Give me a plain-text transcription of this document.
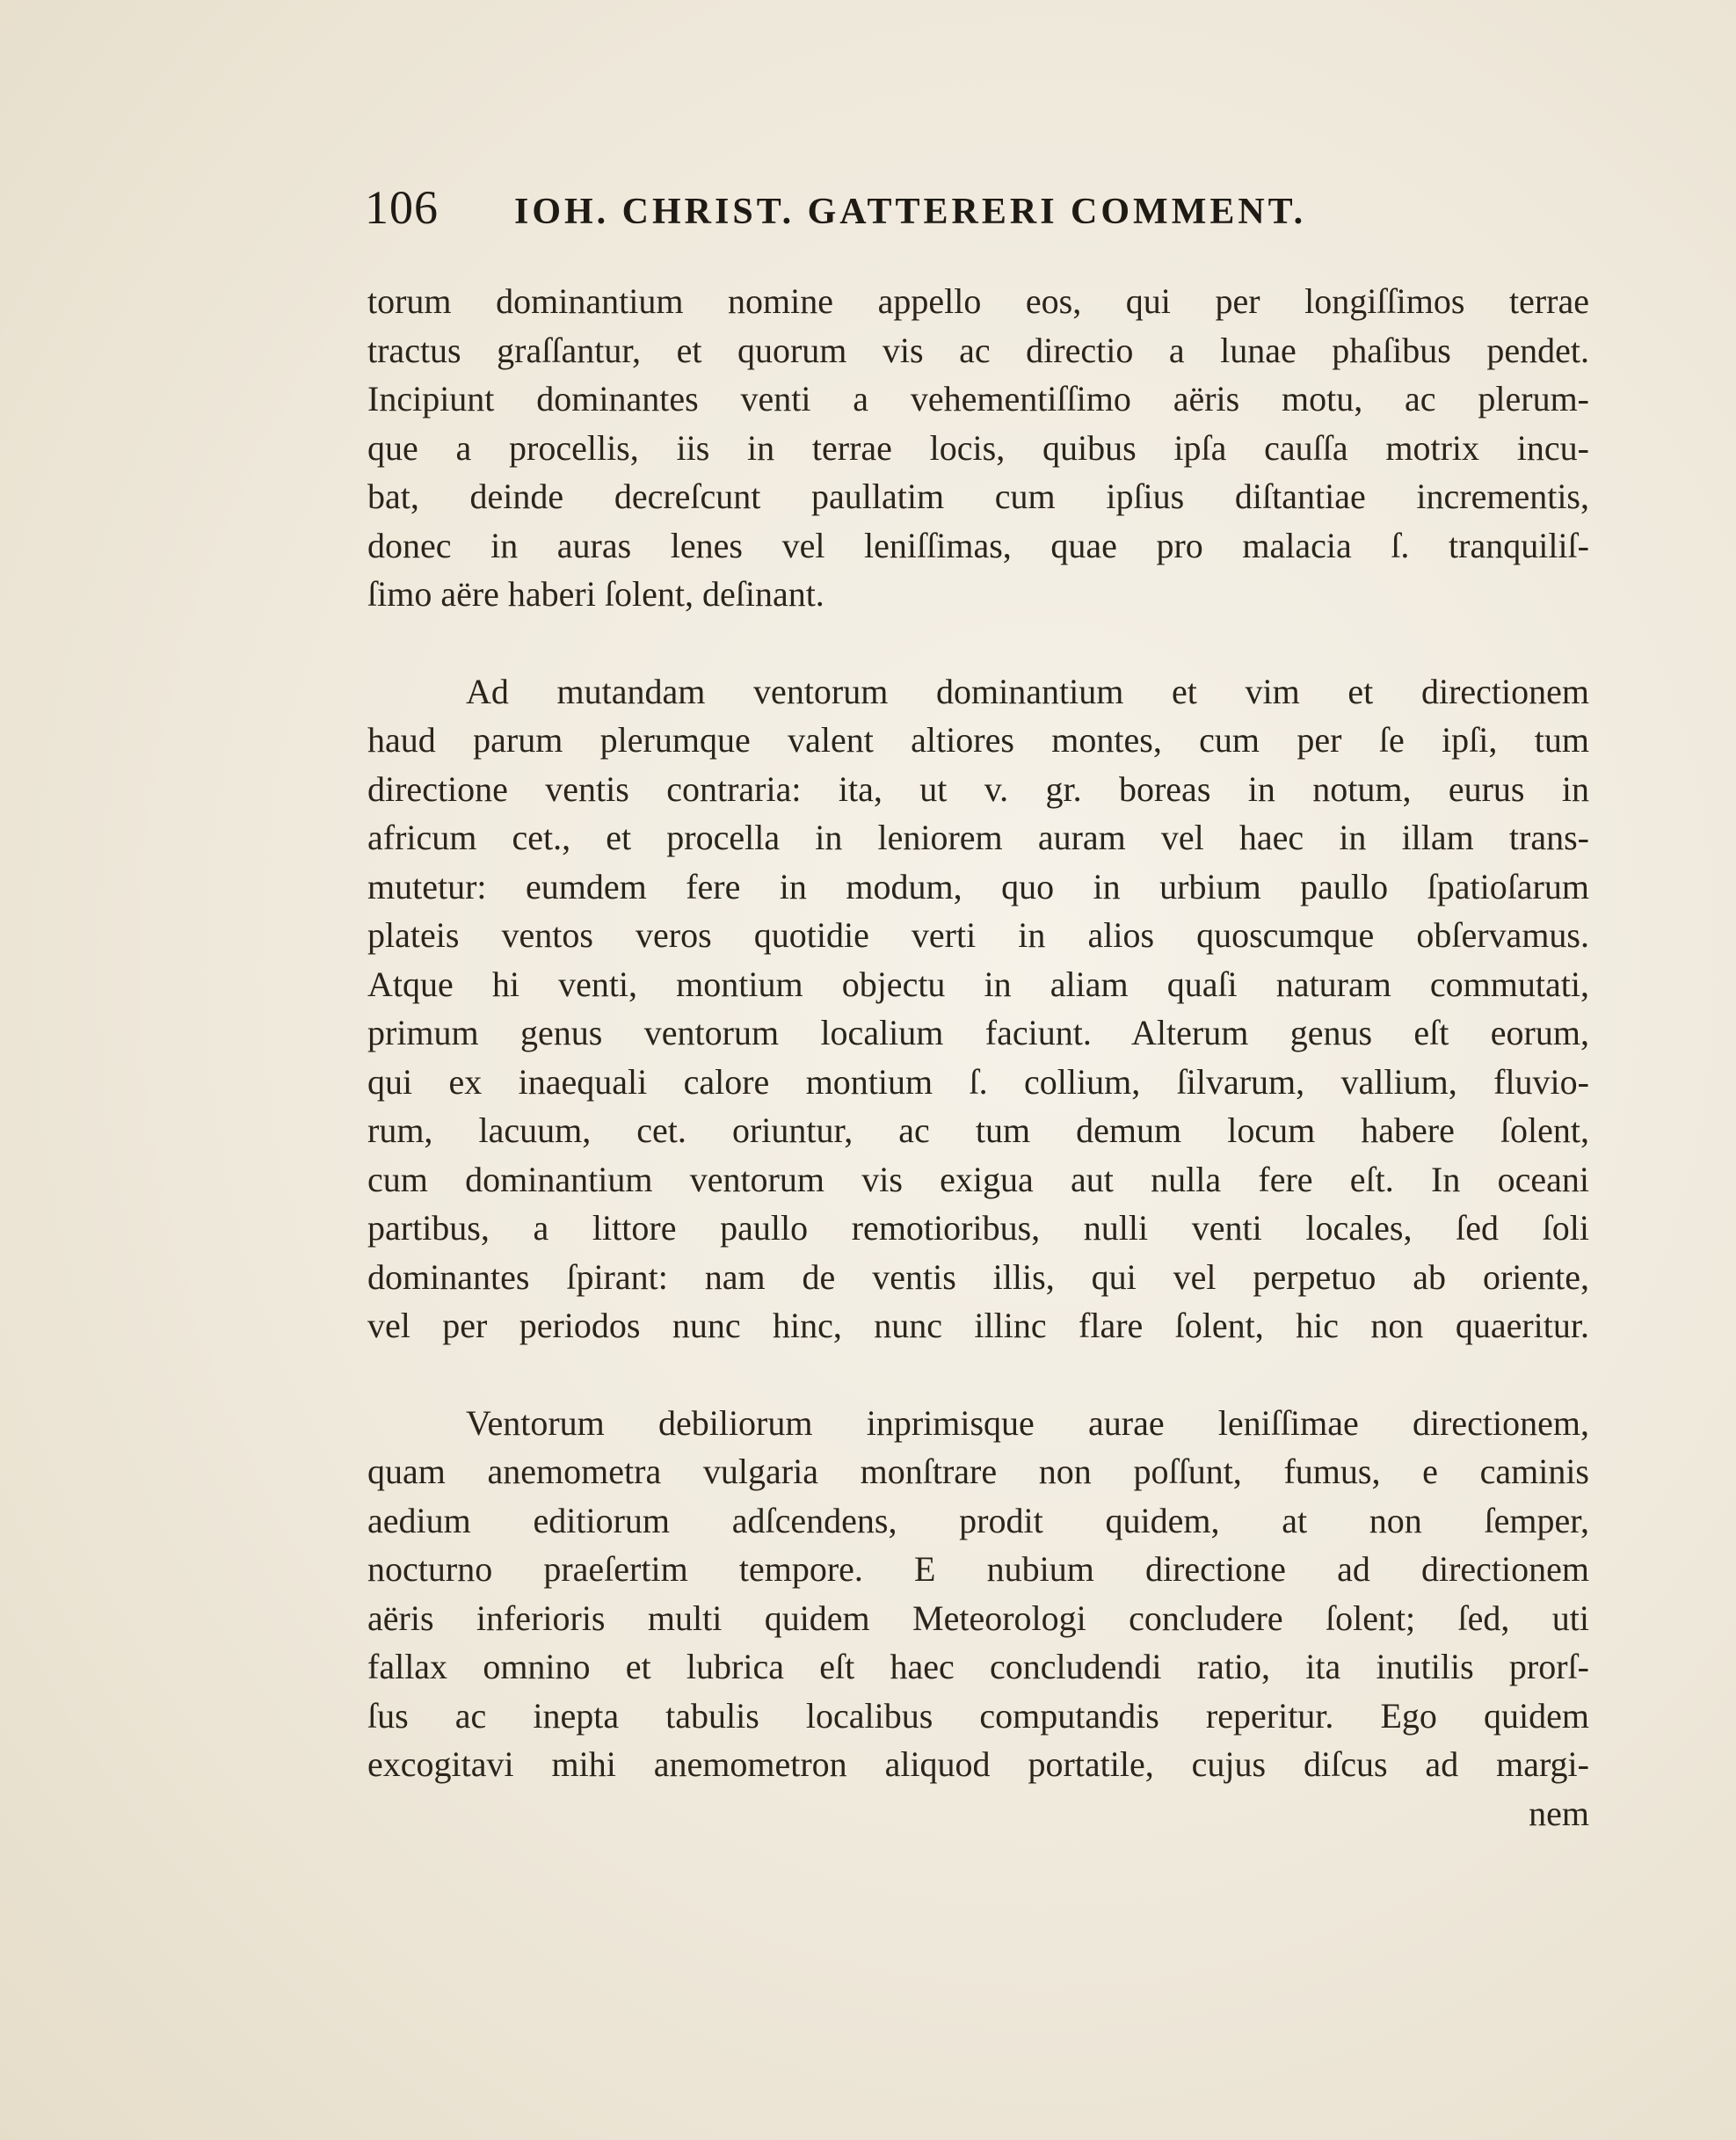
106	IOH. CHRIST. GATTERERI COMMENT.
torum dominantium nomine appello eos, qui per longiſſimos terrae
tractus graſſantur, et quorum vis ac directio a lunae phaſibus pendet.
Incipiunt dominantes venti a vehementiſſimo aëris motu, ac plerum-
que a procellis, iis in terrae locis, quibus ipſa cauſſa motrix incu-
bat, deinde decreſcunt paullatim cum ipſius diſtantiae incrementis,
donec in auras lenes vel leniſſimas, quae pro malacia ſ. tranquiliſ-
ſimo aëre haberi ſolent, deſinant.
Ad mutandam ventorum dominantium et vim et directionem
haud parum plerumque valent altiores montes, cum per ſe ipſi, tum
directione ventis contraria: ita, ut v. gr. boreas in notum, eurus in
africum cet., et procella in leniorem auram vel haec in illam trans-
mutetur: eumdem fere in modum, quo in urbium paullo ſpatioſarum
plateis ventos veros quotidie verti in alios quoscumque obſervamus.
Atque hi venti, montium objectu in aliam quaſi naturam commutati,
primum genus ventorum localium faciunt. Alterum genus eſt eorum,
qui ex inaequali calore montium ſ. collium, ſilvarum, vallium, fluvio-
rum, lacuum, cet. oriuntur, ac tum demum locum habere ſolent,
cum dominantium ventorum vis exigua aut nulla fere eſt. In oceani
partibus, a littore paullo remotioribus, nulli venti locales, ſed ſoli
dominantes ſpirant: nam de ventis illis, qui vel perpetuo ab oriente,
vel per periodos nunc hinc, nunc illinc flare ſolent, hic non quaeritur.
Ventorum debiliorum inprimisque aurae leniſſimae directionem,
quam anemometra vulgaria monſtrare non poſſunt, fumus, e caminis
aedium editiorum adſcendens, prodit quidem, at non ſemper,
nocturno praeſertim tempore. E nubium directione ad directionem
aëris inferioris multi quidem Meteorologi concludere ſolent; ſed, uti
fallax omnino et lubrica eſt haec concludendi ratio, ita inutilis prorſ-
ſus ac inepta tabulis localibus computandis reperitur. Ego quidem
excogitavi mihi anemometron aliquod portatile, cujus diſcus ad margi-
nem
